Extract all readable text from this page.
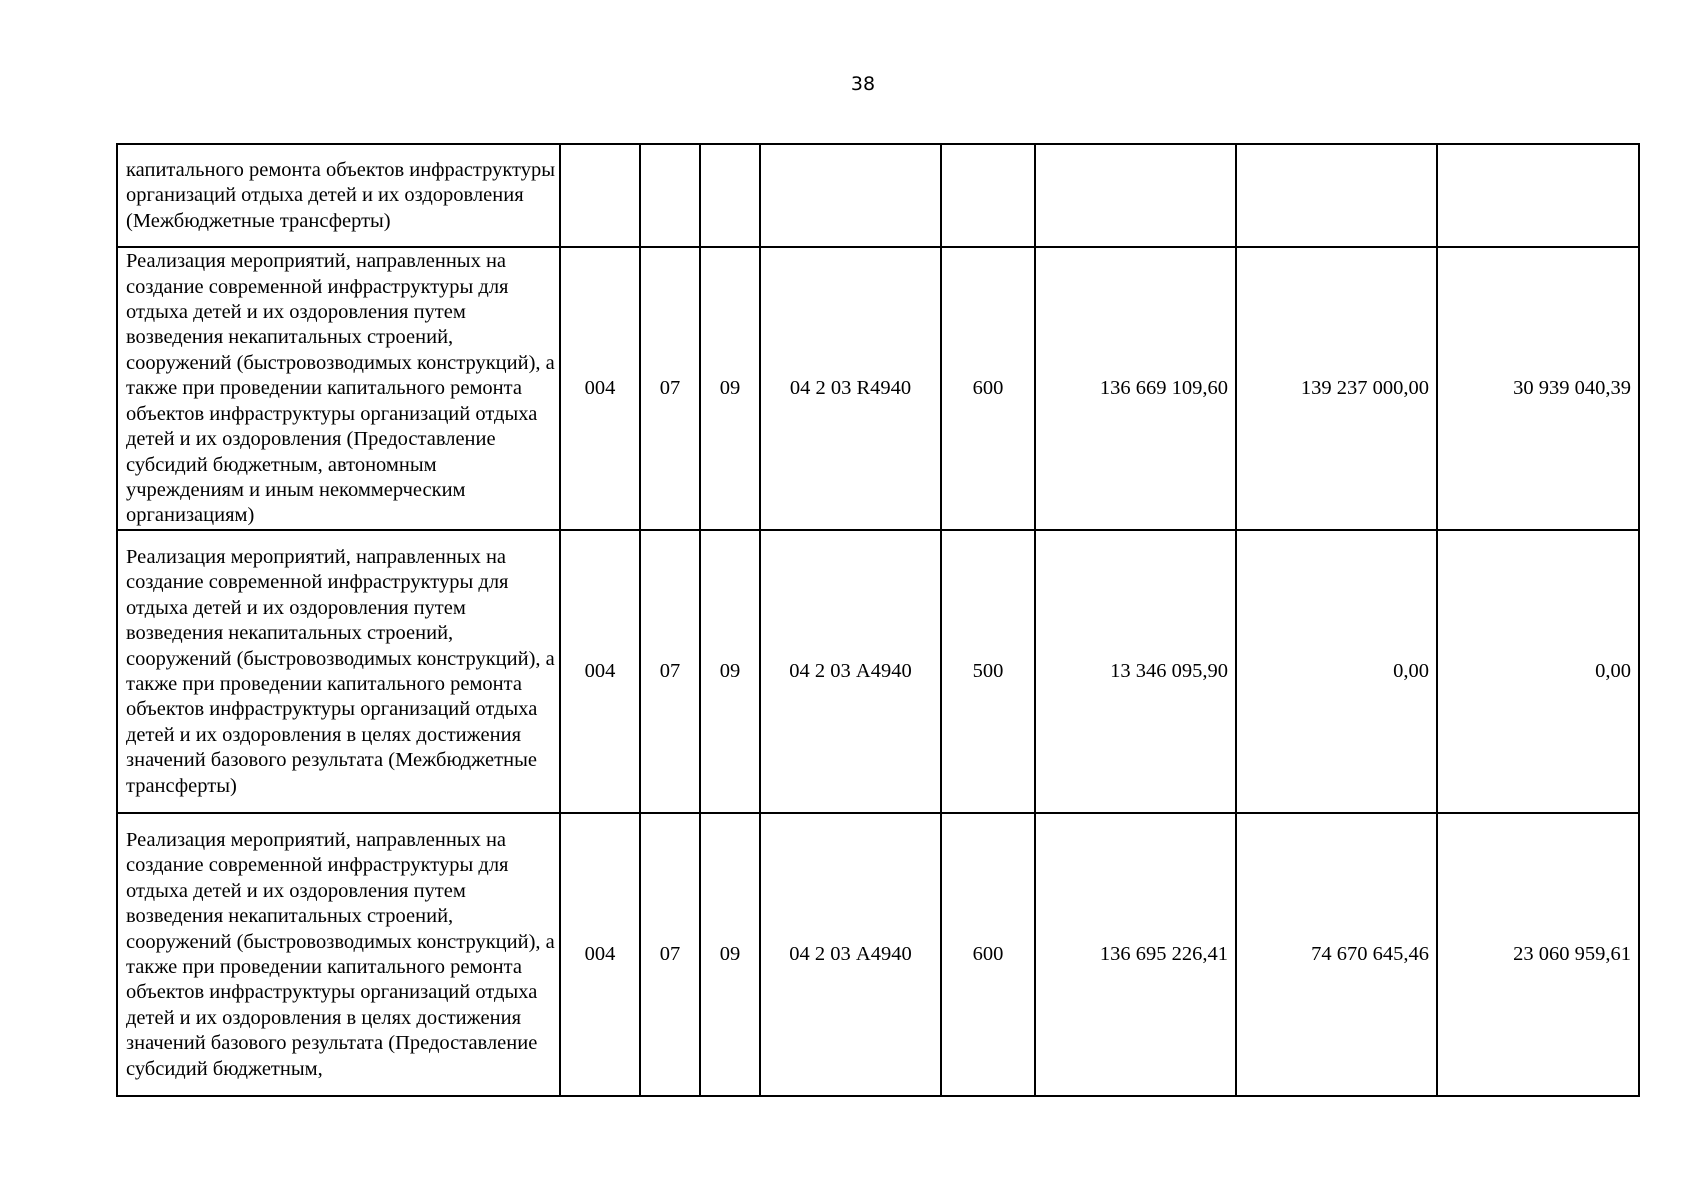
38
капитального ремонта объектов инфраструктуры организаций отдыха детей и их оздоровления (Межбюджетные трансферты)								
Реализация мероприятий, направленных на создание современной инфраструктуры для отдыха детей и их оздоровления путем возведения некапитальных строений, сооружений (быстровозводимых конструкций), а также при проведении капитального ремонта объектов инфраструктуры организаций отдыха детей и их оздоровления (Предоставление субсидий бюджетным, автономным учреждениям и иным некоммерческим организациям)	004	07	09	04 2 03 R4940	600	136 669 109,60	139 237 000,00	30 939 040,39
Реализация мероприятий, направленных на создание современной инфраструктуры для отдыха детей и их оздоровления путем возведения некапитальных строений, сооружений (быстровозводимых конструкций), а также при проведении капитального ремонта объектов инфраструктуры организаций отдыха детей и их оздоровления в целях достижения значений базового результата (Межбюджетные трансферты)	004	07	09	04 2 03 А4940	500	13 346 095,90	0,00	0,00
Реализация мероприятий, направленных на создание современной инфраструктуры для отдыха детей и их оздоровления путем возведения некапитальных строений, сооружений (быстровозводимых конструкций), а также при проведении капитального ремонта объектов инфраструктуры организаций отдыха детей и их оздоровления в целях достижения значений базового результата (Предоставление субсидий бюджетным,	004	07	09	04 2 03 А4940	600	136 695 226,41	74 670 645,46	23 060 959,61
